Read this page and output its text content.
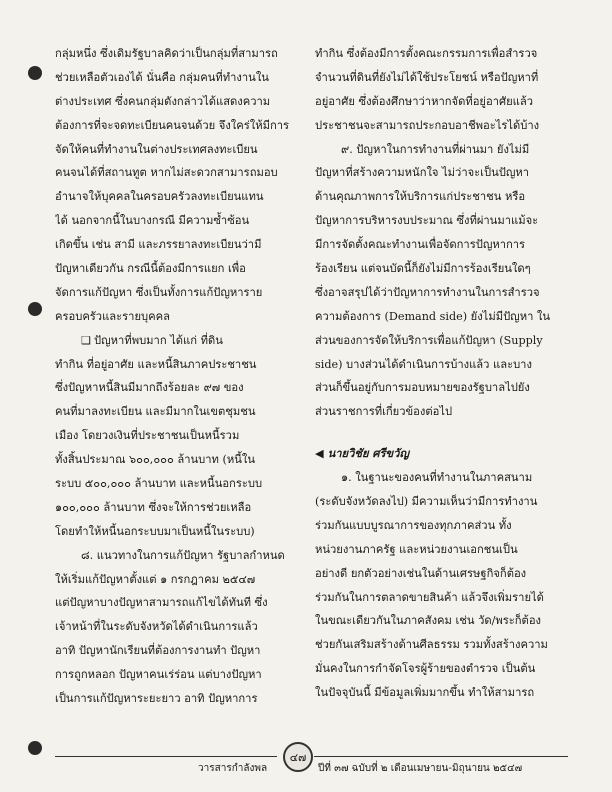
กลุ่มหนึ่ง ซึ่งเดิมรัฐบาลคิดว่าเป็นกลุ่มที่สามารถ
ช่วยเหลือตัวเองได้ นั่นคือ กลุ่มคนที่ทำงานใน
ต่างประเทศ ซึ่งคนกลุ่มดังกล่าวได้แสดงความ
ต้องการที่จะจดทะเบียนคนจนด้วย จึงใคร่ให้มีการ
จัดให้คนที่ทำงานในต่างประเทศลงทะเบียน
คนจนได้ที่สถานทูต หากไม่สะดวกสามารถมอบ
อำนาจให้บุคคลในครอบครัวลงทะเบียนแทน
ได้ นอกจากนี้ในบางกรณี มีความซ้ำซ้อน
เกิดขึ้น เช่น สามี และภรรยาลงทะเบียนว่ามี
ปัญหาเดียวกัน กรณีนี้ต้องมีการแยก เพื่อ
จัดการแก้ปัญหา ซึ่งเป็นทั้งการแก้ปัญหาราย
ครอบครัวและรายบุคคล
❑ ปัญหาที่พบมาก ได้แก่ ที่ดิน
ทำกิน ที่อยู่อาศัย และหนี้สินภาคประชาชน
ซึ่งปัญหาหนี้สินมีมากถึงร้อยละ ๙๗ ของ
คนที่มาลงทะเบียน และมีมากในเขตชุมชน
เมือง โดยวงเงินที่ประชาชนเป็นหนี้รวม
ทั้งสิ้นประมาณ ๖๐๐,๐๐๐ ล้านบาท (หนี้ใน
ระบบ ๕๐๐,๐๐๐ ล้านบาท และหนี้นอกระบบ
๑๐๐,๐๐๐ ล้านบาท ซึ่งจะให้การช่วยเหลือ
โดยทำให้หนี้นอกระบบมาเป็นหนี้ในระบบ)
๘. แนวทางในการแก้ปัญหา รัฐบาลกำหนด
ให้เริ่มแก้ปัญหาตั้งแต่ ๑ กรกฎาคม ๒๕๔๗
แต่ปัญหาบางปัญหาสามารถแก้ไขได้ทันที ซึ่ง
เจ้าหน้าที่ในระดับจังหวัดได้ดำเนินการแล้ว
อาทิ ปัญหานักเรียนที่ต้องการงานทำ ปัญหา
การถูกหลอก ปัญหาคนเร่ร่อน แต่บางปัญหา
เป็นการแก้ปัญหาระยะยาว อาทิ ปัญหาการ
ทำกิน ซึ่งต้องมีการตั้งคณะกรรมการเพื่อสำรวจ
จำนวนที่ดินที่ยังไม่ได้ใช้ประโยชน์ หรือปัญหาที่
อยู่อาศัย ซึ่งต้องศึกษาว่าหากจัดที่อยู่อาศัยแล้ว
ประชาชนจะสามารถประกอบอาชีพอะไรได้บ้าง
๙. ปัญหาในการทำงานที่ผ่านมา ยังไม่มี
ปัญหาที่สร้างความหนักใจ ไม่ว่าจะเป็นปัญหา
ด้านคุณภาพการให้บริการแก่ประชาชน หรือ
ปัญหาการบริหารงบประมาณ ซึ่งที่ผ่านมาแม้จะ
มีการจัดตั้งคณะทำงานเพื่อจัดการปัญหาการ
ร้องเรียน แต่จนบัดนี้ก็ยังไม่มีการร้องเรียนใดๆ
ซึ่งอาจสรุปได้ว่าปัญหาการทำงานในการสำรวจ
ความต้องการ (Demand side) ยังไม่มีปัญหา ใน
ส่วนของการจัดให้บริการเพื่อแก้ปัญหา (Supply
side) บางส่วนได้ดำเนินการบ้างแล้ว และบาง
ส่วนก็ขึ้นอยู่กับการมอบหมายของรัฐบาลไปยัง
ส่วนราชการที่เกี่ยวข้องต่อไป
◀ นายวิชัย ศรีขวัญ
๑. ในฐานะของคนที่ทำงานในภาคสนาม
(ระดับจังหวัดลงไป) มีความเห็นว่ามีการทำงาน
ร่วมกันแบบบูรณาการของทุกภาคส่วน ทั้ง
หน่วยงานภาครัฐ และหน่วยงานเอกชนเป็น
อย่างดี ยกตัวอย่างเช่นในด้านเศรษฐกิจก็ต้อง
ร่วมกันในการตลาดขายสินค้า แล้วจึงเพิ่มรายได้
ในขณะเดียวกันในภาคสังคม เช่น วัด/พระก็ต้อง
ช่วยกันเสริมสร้างด้านศีลธรรม รวมทั้งสร้างความ
มั่นคงในการกำจัดโจรผู้ร้ายของตำรวจ เป็นต้น
ในปัจจุบันนี้ มีข้อมูลเพิ่มมากขึ้น ทำให้สามารถ
วารสารกำลังพล
๔๗
ปีที่ ๓๗ ฉบับที่ ๒ เดือนเมษายน-มิถุนายน ๒๕๔๗
